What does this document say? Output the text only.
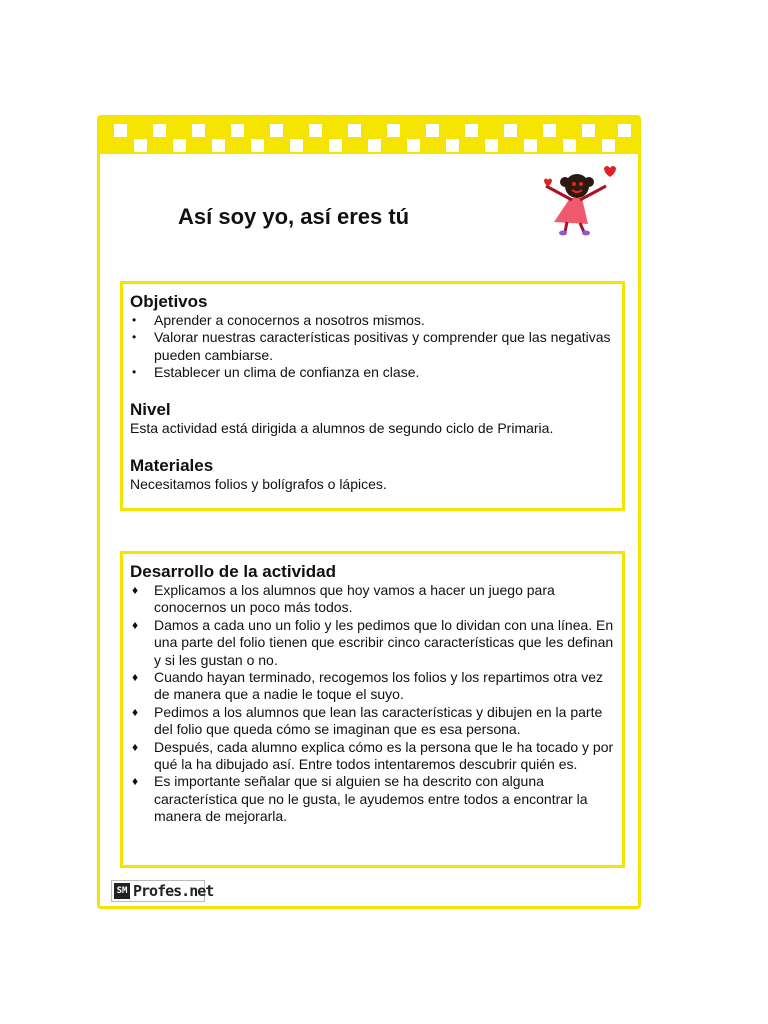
Así soy yo, así eres tú
Objetivos
• Aprender a conocernos a nosotros mismos.
• Valorar nuestras características positivas y comprender que las negativas pueden cambiarse.
• Establecer un clima de confianza en clase.
Nivel

Esta actividad está dirigida a alumnos de segundo ciclo de Primaria.

Materiales

Necesitamos folios y bolígrafos o lápices.

Desarrollo de la actividad
♦ Explicamos a los alumnos que hoy vamos a hacer un juego para conocernos un poco más todos.
♦ Damos a cada uno un folio y les pedimos que lo dividan con una línea. En una parte del folio tienen que escribir cinco características que les definan y si les gustan o no.
♦ Cuando hayan terminado, recogemos los folios y los repartimos otra vez de manera que a nadie le toque el suyo.
♦ Pedimos a los alumnos que lean las características y dibujen en la parte del folio que queda cómo se imaginan que es esa persona.
♦ Después, cada alumno explica cómo es la persona que le ha tocado y por qué la ha dibujado así. Entre todos intentaremos descubrir quién es.
♦ Es importante señalar que si alguien se ha descrito con alguna característica que no le gusta, le ayudemos entre todos a encontrar la manera de mejorarla.
SM Profes.net
